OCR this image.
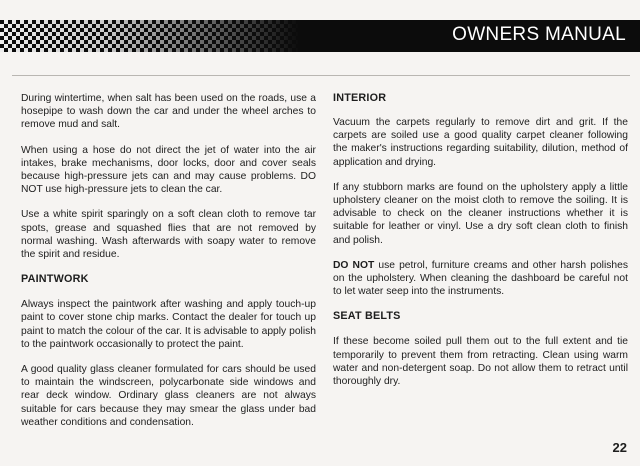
OWNERS MANUAL

During wintertime, when salt has been used on the roads, use a hosepipe to wash down the car and under the wheel arches to remove mud and salt.

When using a hose do not direct the jet of water into the air intakes, brake mechanisms, door locks, door and cover seals because high-pressure jets can and may cause problems. DO NOT use high-pressure jets to clean the car.

Use a white spirit sparingly on a soft clean cloth to remove tar spots, grease and squashed flies that are not removed by normal washing. Wash afterwards with soapy water to remove the spirit and residue.

PAINTWORK

Always inspect the paintwork after washing and apply touch-up paint to cover stone chip marks. Contact the dealer for touch up paint to match the colour of the car. It is advisable to apply polish to the paintwork occasionally to protect the paint.

A good quality glass cleaner formulated for cars should be used to maintain the windscreen, polycarbonate side windows and rear deck window. Ordinary glass cleaners are not always suitable for cars because they may smear the glass under bad weather conditions and condensation.

INTERIOR

Vacuum the carpets regularly to remove dirt and grit. If the carpets are soiled use a good quality carpet cleaner following the maker's instructions regarding suitability, dilution, method of application and drying.

If any stubborn marks are found on the upholstery apply a little upholstery cleaner on the moist cloth to remove the soiling. It is advisable to check on the cleaner instructions whether it is suitable for leather or vinyl. Use a dry soft clean cloth to finish and polish.

DO NOT use petrol, furniture creams and other harsh polishes on the upholstery. When cleaning the dashboard be careful not to let water seep into the instruments.

SEAT BELTS

If these become soiled pull them out to the full extent and tie temporarily to prevent them from retracting. Clean using warm water and non-detergent soap. Do not allow them to retract until thoroughly dry.

22
